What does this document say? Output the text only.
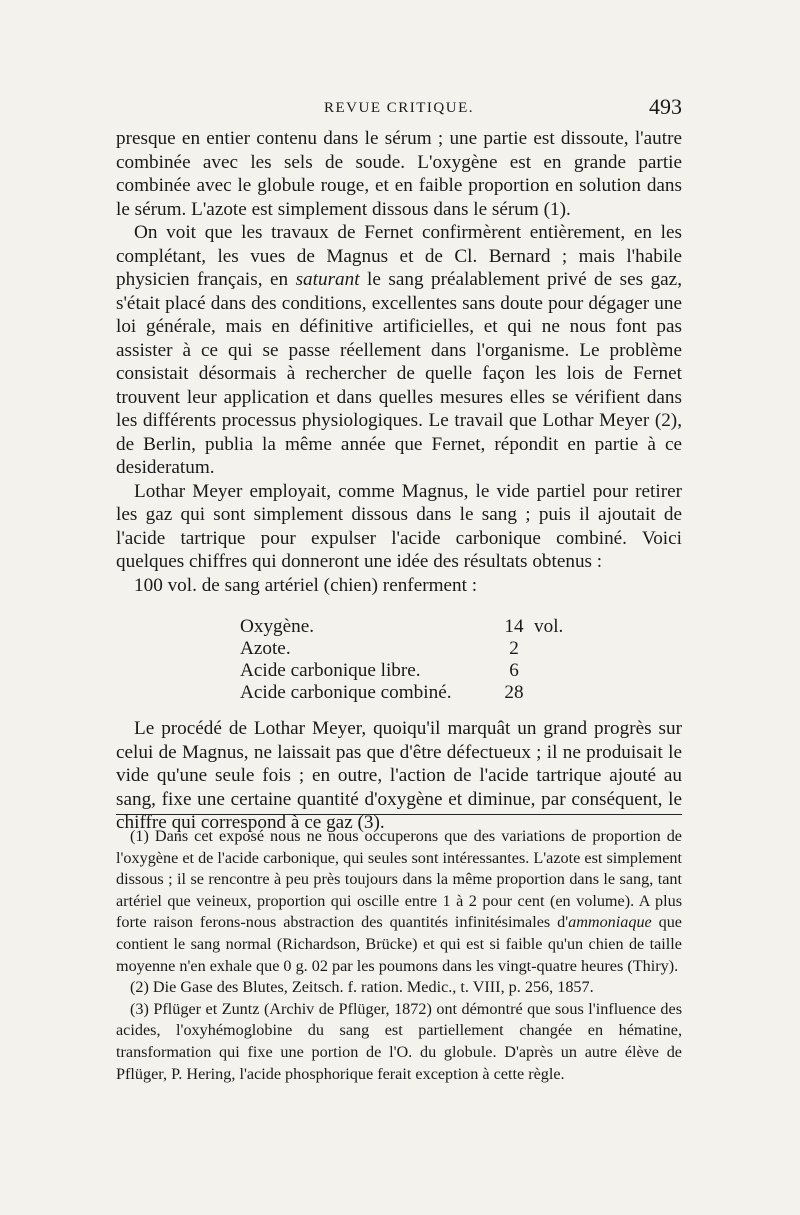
REVUE CRITIQUE.	493

presque en entier contenu dans le sérum ; une partie est dissoute, l'autre combinée avec les sels de soude. L'oxygène est en grande partie combinée avec le globule rouge, et en faible proportion en solution dans le sérum. L'azote est simplement dissous dans le sérum (1).

On voit que les travaux de Fernet confirmèrent entièrement, en les complétant, les vues de Magnus et de Cl. Bernard ; mais l'habile physicien français, en saturant le sang préalablement privé de ses gaz, s'était placé dans des conditions, excellentes sans doute pour dégager une loi générale, mais en définitive artificielles, et qui ne nous font pas assister à ce qui se passe réellement dans l'organisme. Le problème consistait désormais à rechercher de quelle façon les lois de Fernet trouvent leur application et dans quelles mesures elles se vérifient dans les différents processus physiologiques. Le travail que Lothar Meyer (2), de Berlin, publia la même année que Fernet, répondit en partie à ce desideratum.

Lothar Meyer employait, comme Magnus, le vide partiel pour retirer les gaz qui sont simplement dissous dans le sang ; puis il ajoutait de l'acide tartrique pour expulser l'acide carbonique combiné. Voici quelques chiffres qui donneront une idée des résultats obtenus :

100 vol. de sang artériel (chien) renferment :

Oxygène.	14 vol.
Azote.	2
Acide carbonique libre.	6
Acide carbonique combiné.	28

Le procédé de Lothar Meyer, quoiqu'il marquât un grand progrès sur celui de Magnus, ne laissait pas que d'être défectueux ; il ne produisait le vide qu'une seule fois ; en outre, l'action de l'acide tartrique ajouté au sang, fixe une certaine quantité d'oxygène et diminue, par conséquent, le chiffre qui correspond à ce gaz (3).

(1) Dans cet exposé nous ne nous occuperons que des variations de proportion de l'oxygène et de l'acide carbonique, qui seules sont intéressantes. L'azote est simplement dissous ; il se rencontre à peu près toujours dans la même proportion dans le sang, tant artériel que veineux, proportion qui oscille entre 1 à 2 pour cent (en volume). A plus forte raison ferons-nous abstraction des quantités infinitésimales d'ammoniaque que contient le sang normal (Richardson, Brücke) et qui est si faible qu'un chien de taille moyenne n'en exhale que 0 g. 02 par les poumons dans les vingt-quatre heures (Thiry).

(2) Die Gase des Blutes, Zeitsch. f. ration. Medic., t. VIII, p. 256, 1857.

(3) Pflüger et Zuntz (Archiv de Pflüger, 1872) ont démontré que sous l'influence des acides, l'oxyhémoglobine du sang est partiellement changée en hématine, transformation qui fixe une portion de l'O. du globule. D'après un autre élève de Pflüger, P. Hering, l'acide phosphorique ferait exception à cette règle.
